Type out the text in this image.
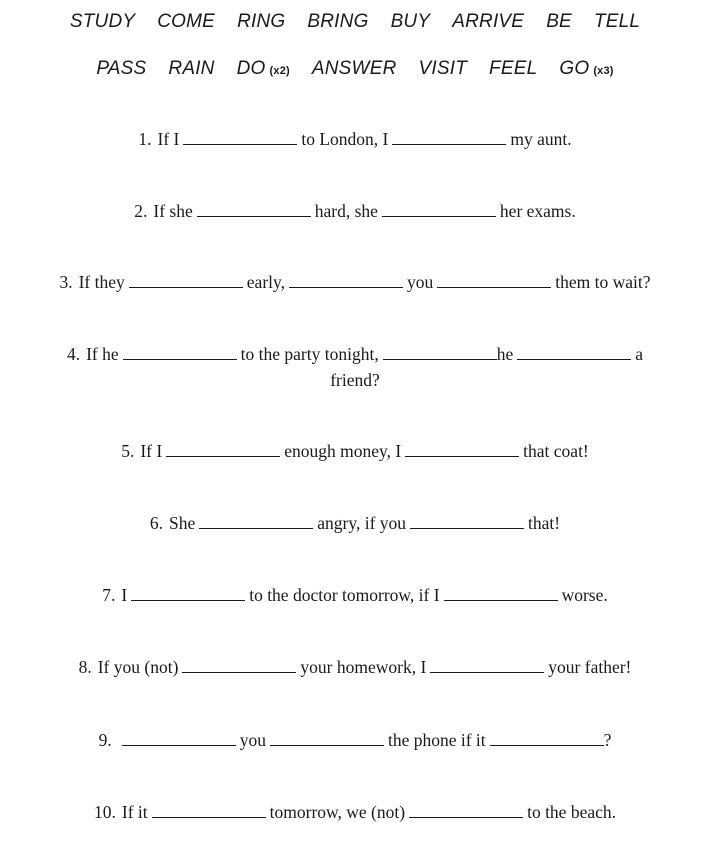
STUDY COME RING BRING BUY ARRIVE BE TELL
PASS RAIN DO (x2) ANSWER VISIT FEEL GO (x3)
1. If I	to London, I	my aunt.
2. If she	hard, she	her exams.
3. If they	early,	you	them to wait?
4. If he	to the party tonight,	he	a
friend?
5. If I	enough money, I	that coat!
6. She	angry, if you	that!
7. I	to the doctor tomorrow, if I	worse.
8. If you (not)	your homework, I	your father!
9.	you	the phone if it	?
10. If it	tomorrow, we (not)	to the beach.
